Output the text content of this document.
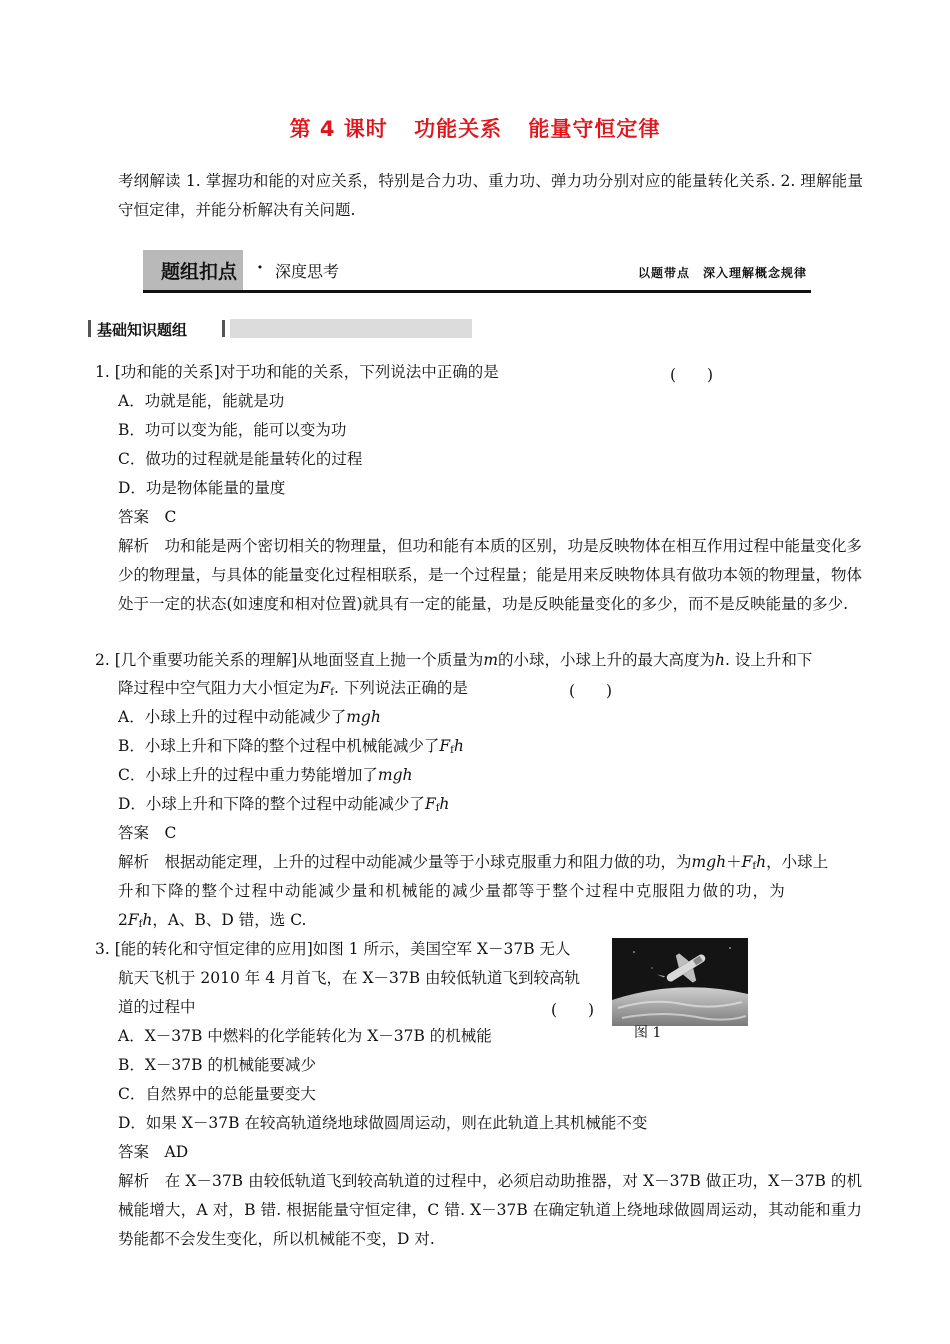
第 4 课时 功能关系 能量守恒定律
考纲解读 1. 掌握功和能的对应关系，特别是合力功、重力功、弹力功分别对应的能量转化关系. 2. 理解能量守恒定律，并能分析解决有关问题.
题组扣点 · 深度思考	以题带点　深入理解概念规律
基础知识题组
1. [功和能的关系]对于功和能的关系，下列说法中正确的是	(　　)
A．功就是能，能就是功
B．功可以变为能，能可以变为功
C．做功的过程就是能量转化的过程
D．功是物体能量的量度
答案　C
解析　功和能是两个密切相关的物理量，但功和能有本质的区别，功是反映物体在相互作用过程中能量变化多少的物理量，与具体的能量变化过程相联系，是一个过程量；能是用来反映物体具有做功本领的物理量，物体处于一定的状态(如速度和相对位置)就具有一定的能量，功是反映能量变化的多少，而不是反映能量的多少.
2. [几个重要功能关系的理解]从地面竖直上抛一个质量为m的小球，小球上升的最大高度为h. 设上升和下
降过程中空气阻力大小恒定为$F_f$. 下列说法正确的是	(　　)
A．小球上升的过程中动能减少了mgh
B．小球上升和下降的整个过程中机械能减少了$F_fh$
C．小球上升的过程中重力势能增加了mgh
D．小球上升和下降的整个过程中动能减少了$F_fh$
答案　C
解析　根据动能定理，上升的过程中动能减少量等于小球克服重力和阻力做的功，为$mgh+F_fh$，小球上
升和下降的整个过程中动能减少量和机械能的减少量都等于整个过程中克服阻力做的功，为
$2F_fh$，A、B、D 错，选 C.
3. [能的转化和守恒定律的应用]如图 1 所示，美国空军 X－37B 无人
航天飞机于 2010 年 4 月首飞，在 X－37B 由较低轨道飞到较高轨
道的过程中	(　　)
图 1
A．X－37B 中燃料的化学能转化为 X－37B 的机械能
B．X－37B 的机械能要减少
C．自然界中的总能量要变大
D．如果 X－37B 在较高轨道绕地球做圆周运动，则在此轨道上其机械能不变
答案　AD
解析　在 X－37B 由较低轨道飞到较高轨道的过程中，必须启动助推器，对 X－37B 做正功，X－37B 的机械能增大，A 对，B 错. 根据能量守恒定律，C 错. X－37B 在确定轨道上绕地球做圆周运动，其动能和重力势能都不会发生变化，所以机械能不变，D 对.
